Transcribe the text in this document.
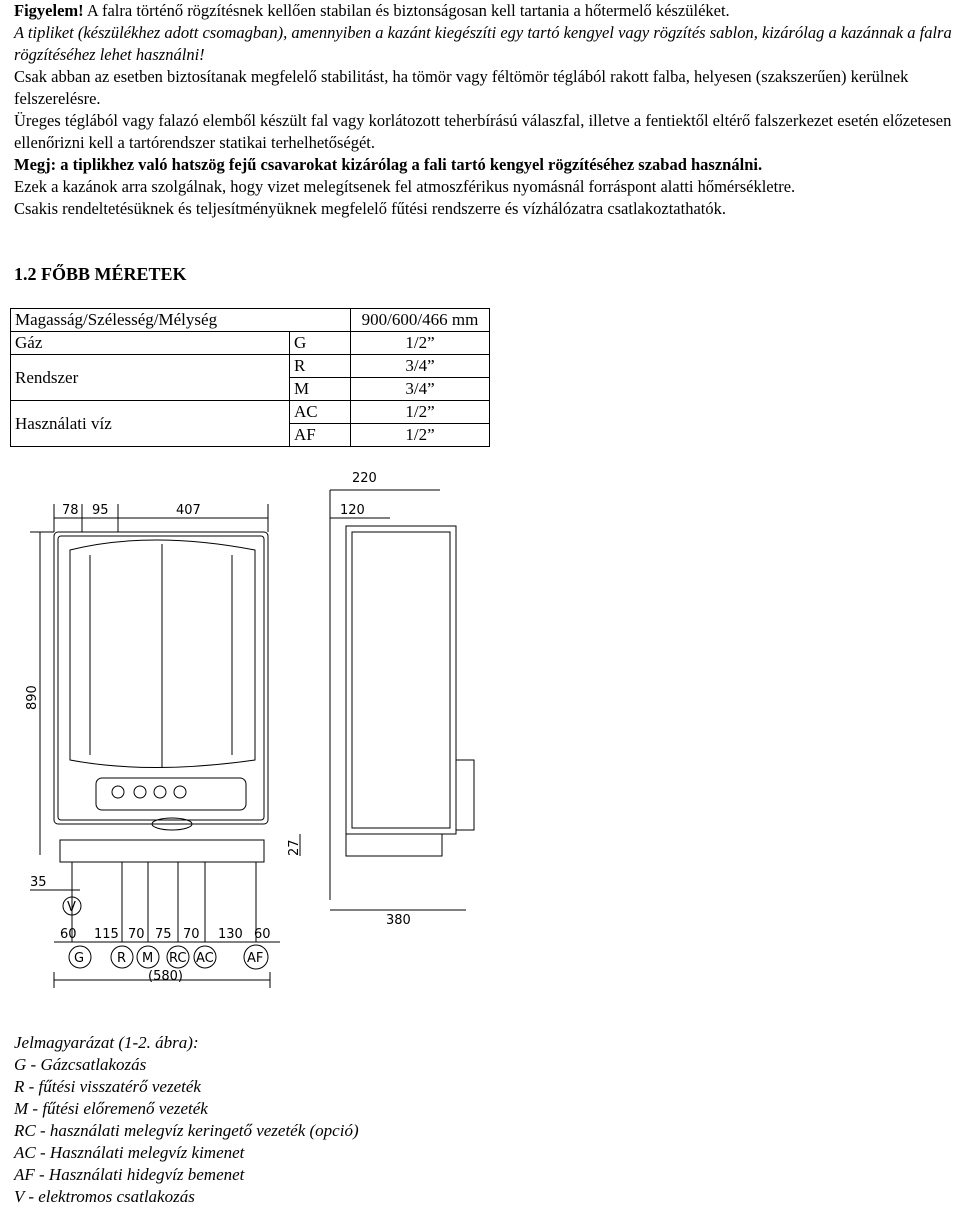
Figyelem! A falra történő rögzítésnek kellően stabilan és biztonságosan kell tartania a hőtermelő készüléket.
A tipliket (készülékhez adott csomagban), amennyiben a kazánt kiegészíti egy tartó kengyel vagy rögzítés sablon, kizárólag a kazánnak a falra rögzítéséhez lehet használni!
Csak abban az esetben biztosítanak megfelelő stabilitást, ha tömör vagy féltömör téglából rakott falba, helyesen (szakszerűen) kerülnek felszerelésre.
Üreges téglából vagy falazó elemből készült fal vagy korlátozott teherbírású válaszfal, illetve a fentiektől eltérő falszerkezet esetén előzetesen ellenőrizni kell a tartórendszer statikai terhelhetőségét.
Megj: a tiplikhez való hatszög fejű csavarokat kizárólag a fali tartó kengyel rögzítéséhez szabad használni.
Ezek a kazánok arra szolgálnak, hogy vizet melegítsenek fel atmoszférikus nyomásnál forráspont alatti hőmérsékletre.
Csakis rendeltetésüknek és teljesítményüknek megfelelő fűtési rendszerre és vízhálózatra csatlakoztathatók.
1.2 FŐBB MÉRETEK
Magasság/Szélesség/Mélység		900/600/466 mm
Gáz	G	1/2”
Rendszer	R	3/4”
	M	3/4”
Használati víz	AC	1/2”
	AF	1/2”
78 95	407
890
35
V
60 115 70 75 70 130 60
G	R M RC AC	AF
(580)
220
120
27
380
Jelmagyarázat (1-2. ábra):
G - Gázcsatlakozás
R - fűtési visszatérő vezeték
M - fűtési előremenő vezeték
RC - használati melegvíz keringető vezeték (opció)
AC - Használati melegvíz kimenet
AF - Használati hidegvíz bemenet
V - elektromos csatlakozás
